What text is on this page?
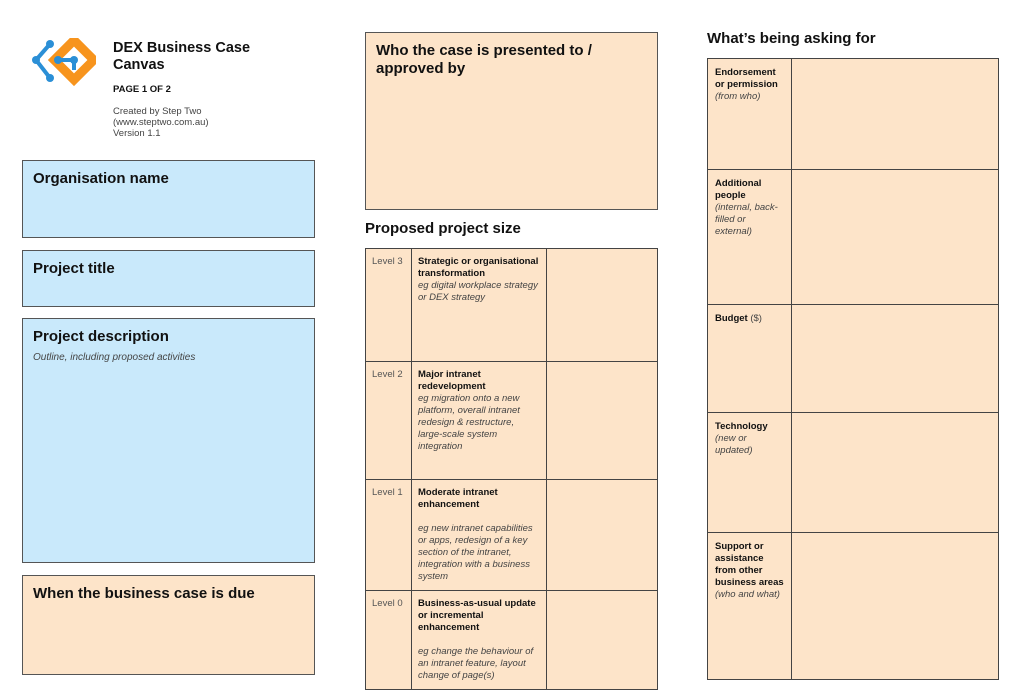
DEX Business Case
Canvas
PAGE 1 OF 2
Created by Step Two
(www.steptwo.com.au)
Version 1.1
Organisation name
Project title
Project description
Outline, including proposed activities
When the business case is due
Who the case is presented to / approved by
Proposed project size
Level 3	Strategic or organisational transformation
eg digital workplace strategy or DEX strategy	

Level 2	Major intranet redevelopment
eg migration onto a new platform, overall intranet redesign & restructure, large-scale system integration	

Level 1	Moderate intranet enhancement
eg new intranet capabilities or apps, redesign of a key section of the intranet, integration with a business system	

Level 0	Business-as-usual update or incremental enhancement
eg change the behaviour of an intranet feature, layout change of page(s)	

What’s being asking for
Endorsement or permission
(from who)	

Additional people
(internal, back-filled or external)	

Budget ($)	

Technology
(new or updated)	

Support or assistance from other business areas
(who and what)	
